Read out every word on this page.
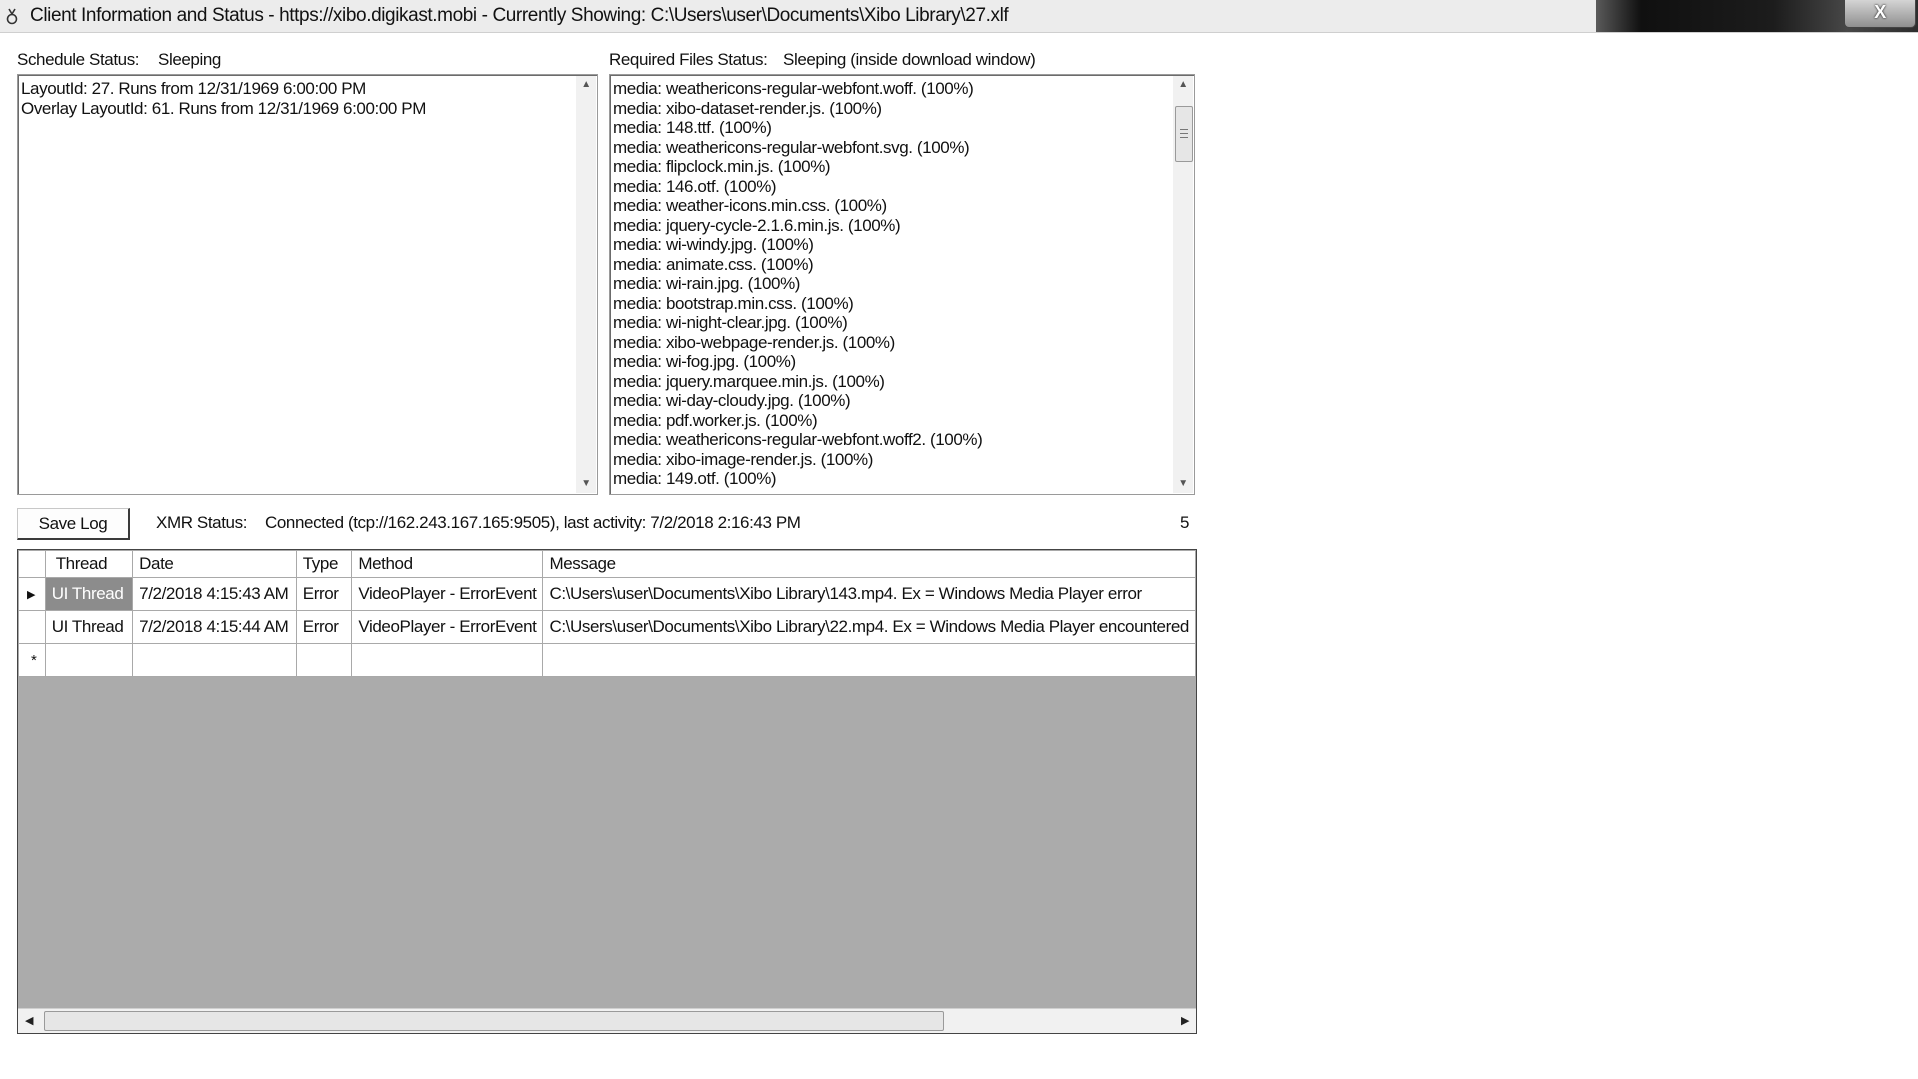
Client Information and Status - https://xibo.digikast.mobi - Currently Showing: C:\Users\user\Documents\Xibo Library\27.xlf	X
Schedule Status: Sleeping
LayoutId: 27. Runs from 12/31/1969 6:00:00 PM
Overlay LayoutId: 61. Runs from 12/31/1969 6:00:00 PM
▲
▼
Required Files Status: Sleeping (inside download window)
media: weathericons-regular-webfont.woff. (100%)
media: xibo-dataset-render.js. (100%)
media: 148.ttf. (100%)
media: weathericons-regular-webfont.svg. (100%)
media: flipclock.min.js. (100%)
media: 146.otf. (100%)
media: weather-icons.min.css. (100%)
media: jquery-cycle-2.1.6.min.js. (100%)
media: wi-windy.jpg. (100%)
media: animate.css. (100%)
media: wi-rain.jpg. (100%)
media: bootstrap.min.css. (100%)
media: wi-night-clear.jpg. (100%)
media: xibo-webpage-render.js. (100%)
media: wi-fog.jpg. (100%)
media: jquery.marquee.min.js. (100%)
media: wi-day-cloudy.jpg. (100%)
media: pdf.worker.js. (100%)
media: weathericons-regular-webfont.woff2. (100%)
media: xibo-image-render.js. (100%)
media: 149.otf. (100%)
▲
▼
Save Log	XMR Status: Connected (tcp://162.243.167.165:9505), last activity: 7/2/2018 2:16:43 PM	5
	Thread	Date	Type	Method	Message
▶	UI Thread	7/2/2018 4:15:43 AM	Error	VideoPlayer - ErrorEvent	C:\Users\user\Documents\Xibo Library\143.mp4. Ex = Windows Media Player error
	UI Thread	7/2/2018 4:15:44 AM	Error	VideoPlayer - ErrorEvent	C:\Users\user\Documents\Xibo Library\22.mp4. Ex = Windows Media Player encountered
*					
◀	▶
